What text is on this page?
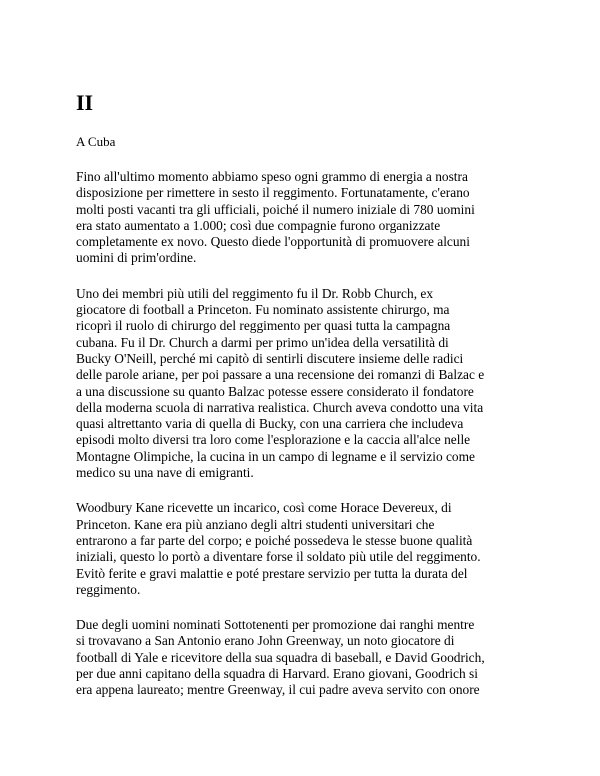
II

A Cuba

Fino all'ultimo momento abbiamo speso ogni grammo di energia a nostra
disposizione per rimettere in sesto il reggimento. Fortunatamente, c'erano
molti posti vacanti tra gli ufficiali, poiché il numero iniziale di 780 uomini
era stato aumentato a 1.000; così due compagnie furono organizzate
completamente ex novo. Questo diede l'opportunità di promuovere alcuni
uomini di prim'ordine.

Uno dei membri più utili del reggimento fu il Dr. Robb Church, ex
giocatore di football a Princeton. Fu nominato assistente chirurgo, ma
ricoprì il ruolo di chirurgo del reggimento per quasi tutta la campagna
cubana. Fu il Dr. Church a darmi per primo un'idea della versatilità di
Bucky O'Neill, perché mi capitò di sentirli discutere insieme delle radici
delle parole ariane, per poi passare a una recensione dei romanzi di Balzac e
a una discussione su quanto Balzac potesse essere considerato il fondatore
della moderna scuola di narrativa realistica. Church aveva condotto una vita
quasi altrettanto varia di quella di Bucky, con una carriera che includeva
episodi molto diversi tra loro come l'esplorazione e la caccia all'alce nelle
Montagne Olimpiche, la cucina in un campo di legname e il servizio come
medico su una nave di emigranti.

Woodbury Kane ricevette un incarico, così come Horace Devereux, di
Princeton. Kane era più anziano degli altri studenti universitari che
entrarono a far parte del corpo; e poiché possedeva le stesse buone qualità
iniziali, questo lo portò a diventare forse il soldato più utile del reggimento.
Evitò ferite e gravi malattie e poté prestare servizio per tutta la durata del
reggimento.

Due degli uomini nominati Sottotenenti per promozione dai ranghi mentre
si trovavano a San Antonio erano John Greenway, un noto giocatore di
football di Yale e ricevitore della sua squadra di baseball, e David Goodrich,
per due anni capitano della squadra di Harvard. Erano giovani, Goodrich si
era appena laureato; mentre Greenway, il cui padre aveva servito con onore
